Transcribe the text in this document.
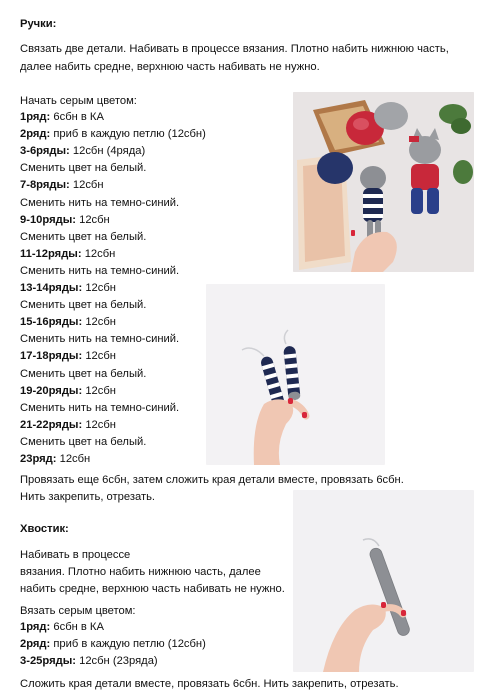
Ручки:
Связать две детали. Набивать в процессе вязания. Плотно набить нижнюю часть,
далее набить средне, верхнюю часть набивать не нужно.
Начать серым цветом:
1ряд: 6сбн в КА
2ряд: приб в каждую петлю (12сбн)
3-6ряды: 12сбн (4ряда)
Сменить цвет на белый.
7-8ряды: 12сбн
Сменить нить на темно-синий.
9-10ряды: 12сбн
Сменить цвет на белый.
11-12ряды: 12сбн
Сменить нить на темно-синий.
13-14ряды: 12сбн
Сменить цвет на белый.
15-16ряды: 12сбн
Сменить нить на темно-синий.
17-18ряды: 12сбн
Сменить цвет на белый.
19-20ряды: 12сбн
Сменить нить на темно-синий.
21-22ряды: 12сбн
Сменить цвет на белый.
23ряд: 12сбн
Провязать еще 6сбн, затем сложить края детали вместе, провязать 6сбн.
Нить закрепить, отрезать.
Хвостик:
Набивать в процессе
вязания. Плотно набить нижнюю часть, далее
набить средне, верхнюю часть набивать не нужно.
Вязать серым цветом:
1ряд: 6сбн в КА
2ряд: приб в каждую петлю (12сбн)
3-25ряды: 12сбн (23ряда)
Сложить края детали вместе, провязать 6сбн. Нить закрепить, отрезать.
